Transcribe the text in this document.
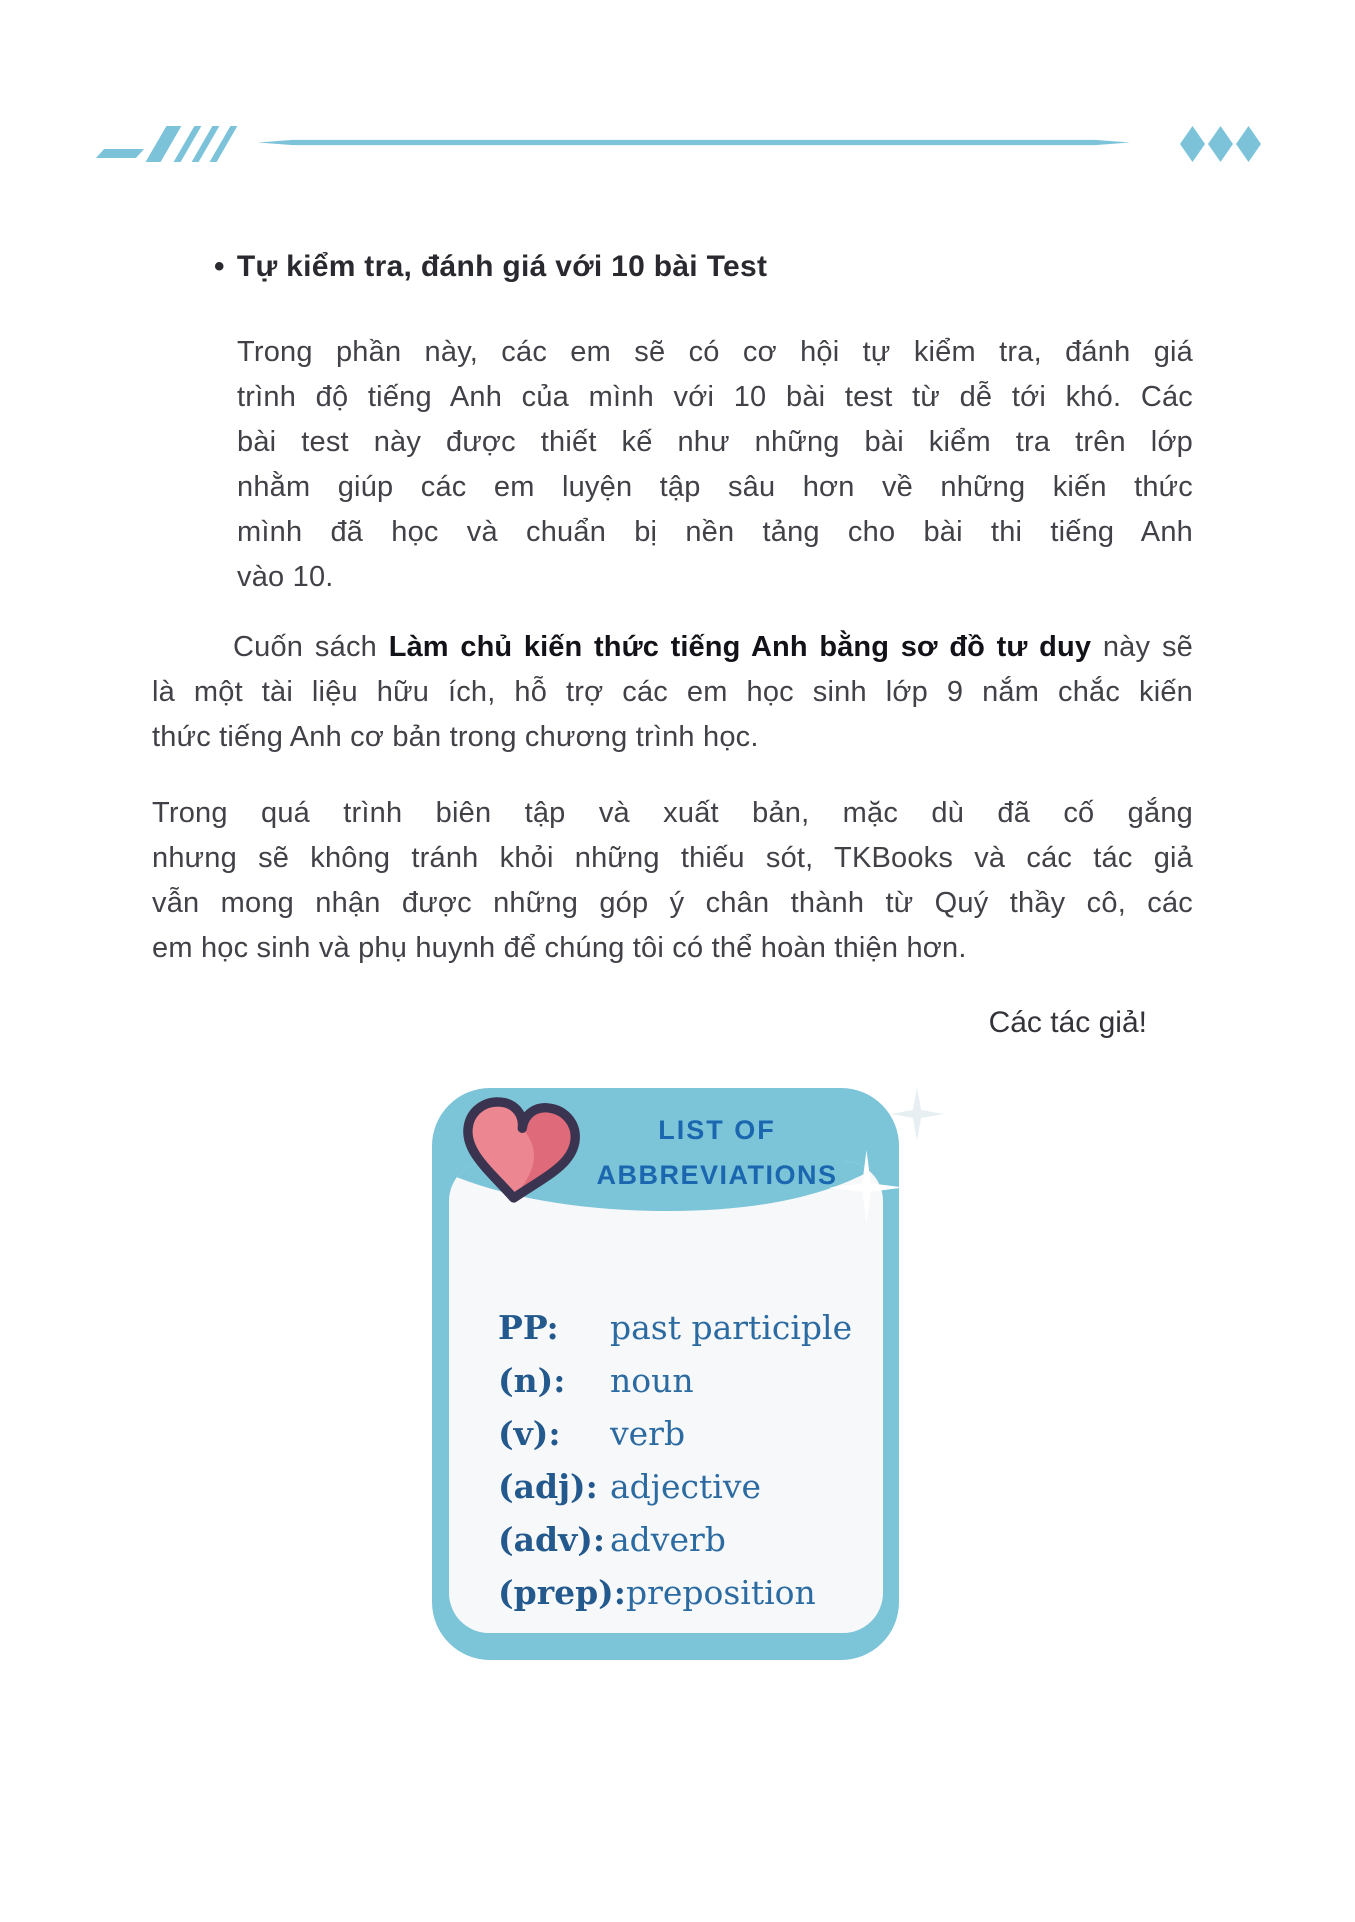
• Tự kiểm tra, đánh giá với 10 bài Test
Trong phần này, các em sẽ có cơ hội tự kiểm tra, đánh giá
trình độ tiếng Anh của mình với 10 bài test từ dễ tới khó. Các
bài test này được thiết kế như những bài kiểm tra trên lớp
nhằm giúp các em luyện tập sâu hơn về những kiến thức
mình đã học và chuẩn bị nền tảng cho bài thi tiếng Anh
vào 10.
Cuốn sách Làm chủ kiến thức tiếng Anh bằng sơ đồ tư duy này sẽ
là một tài liệu hữu ích, hỗ trợ các em học sinh lớp 9 nắm chắc kiến
thức tiếng Anh cơ bản trong chương trình học.
Trong quá trình biên tập và xuất bản, mặc dù đã cố gắng
nhưng sẽ không tránh khỏi những thiếu sót, TKBooks và các tác giả
vẫn mong nhận được những góp ý chân thành từ Quý thầy cô, các
em học sinh và phụ huynh để chúng tôi có thể hoàn thiện hơn.
Các tác giả!
LIST OF
ABBREVIATIONS
PP:	past participle
(n):	noun
(v):	verb
(adj): adjective
(adv): adverb
(prep): preposition
